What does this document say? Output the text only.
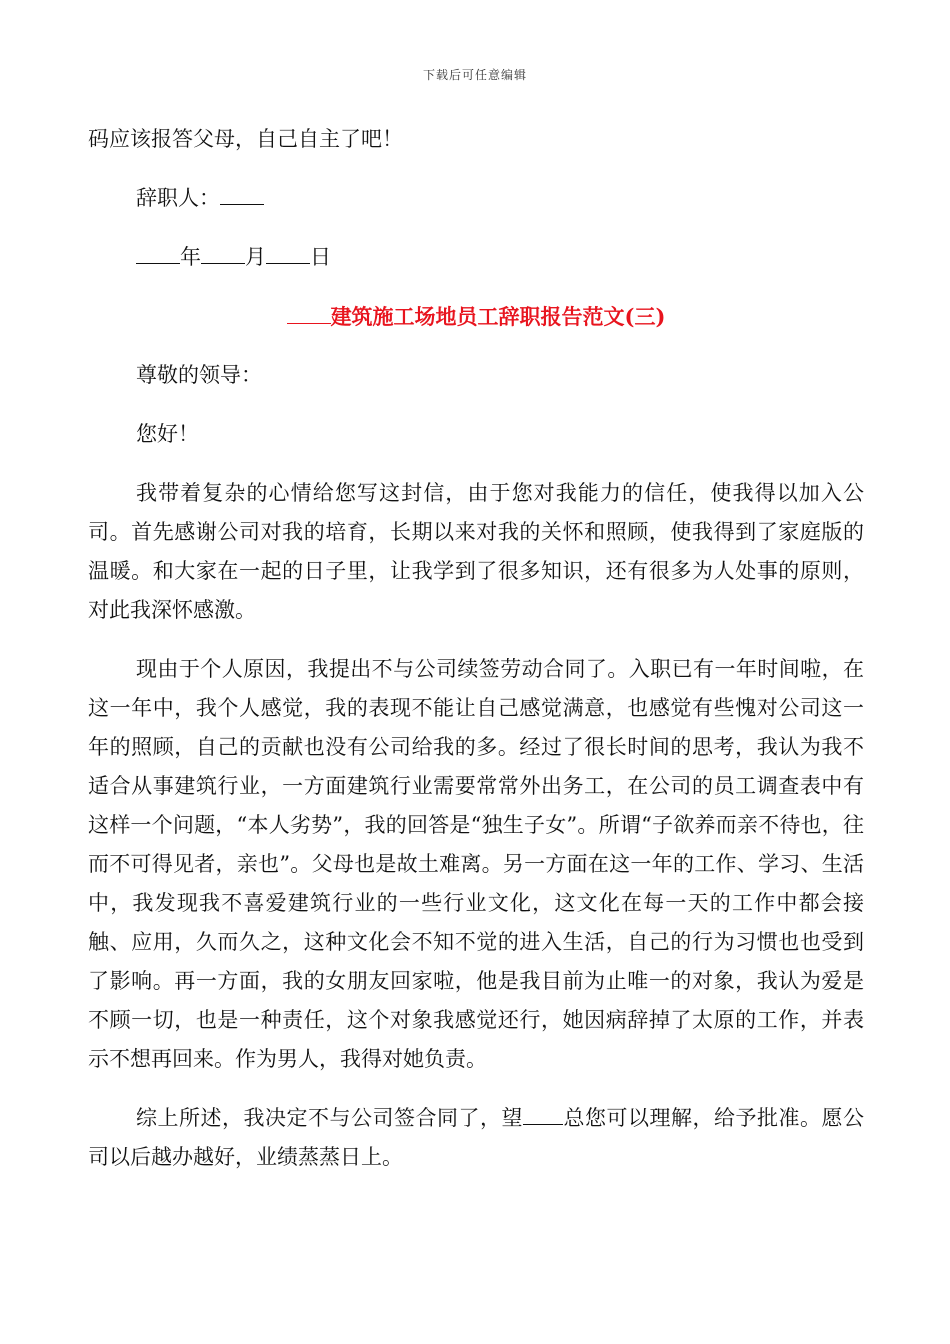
下载后可任意编辑

码应该报答父母，自己自主了吧！

辞职人：

年 月 日

建筑施工场地员工辞职报告范文(三)

尊敬的领导：

您好！

我带着复杂的心情给您写这封信，由于您对我能力的信任，使我得以加入公司。首先感谢公司对我的培育，长期以来对我的关怀和照顾，使我得到了家庭版的温暖。和大家在一起的日子里，让我学到了很多知识，还有很多为人处事的原则，对此我深怀感激。

现由于个人原因，我提出不与公司续签劳动合同了。入职已有一年时间啦，在这一年中，我个人感觉，我的表现不能让自己感觉满意，也感觉有些愧对公司这一年的照顾，自己的贡献也没有公司给我的多。经过了很长时间的思考，我认为我不适合从事建筑行业，一方面建筑行业需要常常外出务工，在公司的员工调查表中有这样一个问题，“本人劣势”，我的回答是“独生子女”。所谓“子欲养而亲不待也，往而不可得见者，亲也”。父母也是故土难离。另一方面在这一年的工作、学习、生活中，我发现我不喜爱建筑行业的一些行业文化，这文化在每一天的工作中都会接触、应用，久而久之，这种文化会不知不觉的进入生活，自己的行为习惯也也受到了影响。再一方面，我的女朋友回家啦，他是我目前为止唯一的对象，我认为爱是不顾一切，也是一种责任，这个对象我感觉还行，她因病辞掉了太原的工作，并表示不想再回来。作为男人，我得对她负责。

综上所述，我决定不与公司签合同了，望 总您可以理解，给予批准。愿公司以后越办越好，业绩蒸蒸日上。
